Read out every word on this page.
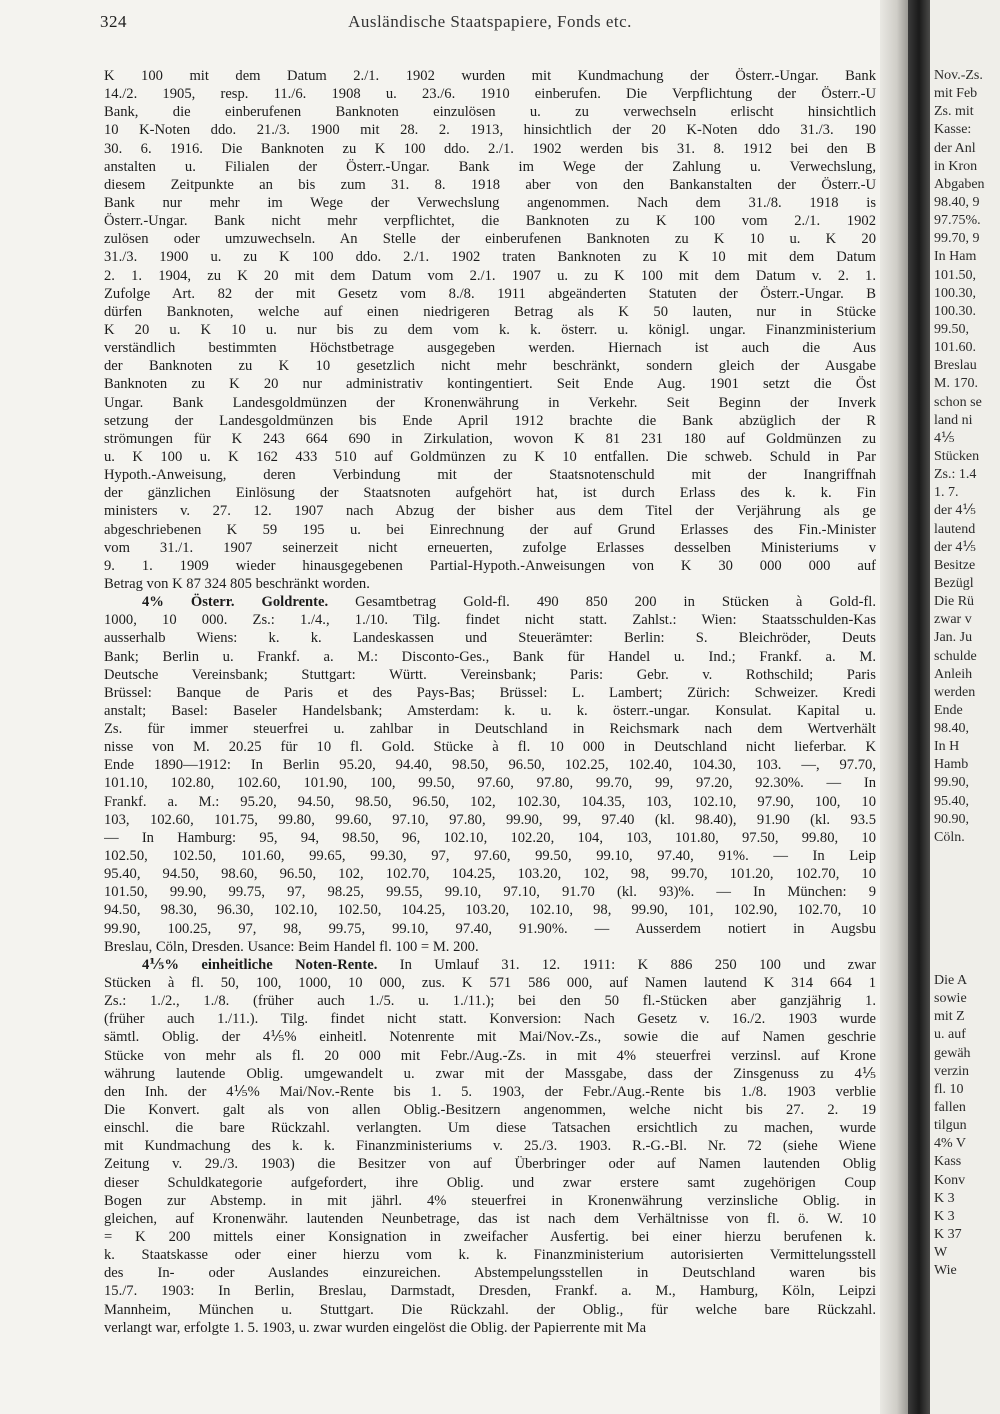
324	Ausländische Staatspapiere, Fonds etc.
K 100 mit dem Datum 2./1. 1902 wurden mit Kundmachung der Österr.-Ungar. Bank
14./2. 1905, resp. 11./6. 1908 u. 23./6. 1910 einberufen. Die Verpflichtung der Österr.-U
Bank, die einberufenen Banknoten einzulösen u. zu verwechseln erlischt hinsichtlich
10 K-Noten ddo. 21./3. 1900 mit 28. 2. 1913, hinsichtlich der 20 K-Noten ddo 31./3. 190
30. 6. 1916. Die Banknoten zu K 100 ddo. 2./1. 1902 werden bis 31. 8. 1912 bei den B
anstalten u. Filialen der Österr.-Ungar. Bank im Wege der Zahlung u. Verwechslung,
diesem Zeitpunkte an bis zum 31. 8. 1918 aber von den Bankanstalten der Österr.-U
Bank nur mehr im Wege der Verwechslung angenommen. Nach dem 31./8. 1918 is
Österr.-Ungar. Bank nicht mehr verpflichtet, die Banknoten zu K 100 vom 2./1. 1902
zulösen oder umzuwechseln. An Stelle der einberufenen Banknoten zu K 10 u. K 20
31./3. 1900 u. zu K 100 ddo. 2./1. 1902 traten Banknoten zu K 10 mit dem Datum
2. 1. 1904, zu K 20 mit dem Datum vom 2./1. 1907 u. zu K 100 mit dem Datum v. 2. 1.
Zufolge Art. 82 der mit Gesetz vom 8./8. 1911 abgeänderten Statuten der Österr.-Ungar. B
dürfen Banknoten, welche auf einen niedrigeren Betrag als K 50 lauten, nur in Stücke
K 20 u. K 10 u. nur bis zu dem vom k. k. österr. u. königl. ungar. Finanzministerium
verständlich bestimmten Höchstbetrage ausgegeben werden. Hiernach ist auch die Aus
der Banknoten zu K 10 gesetzlich nicht mehr beschränkt, sondern gleich der Ausgabe
Banknoten zu K 20 nur administrativ kontingentiert. Seit Ende Aug. 1901 setzt die Öst
Ungar. Bank Landesgoldmünzen der Kronenwährung in Verkehr. Seit Beginn der Inverk
setzung der Landesgoldmünzen bis Ende April 1912 brachte die Bank abzüglich der R
strömungen für K 243 664 690 in Zirkulation, wovon K 81 231 180 auf Goldmünzen zu
u. K 100 u. K 162 433 510 auf Goldmünzen zu K 10 entfallen. Die schweb. Schuld in Par
Hypoth.-Anweisung, deren Verbindung mit der Staatsnotenschuld mit der Inangriffnah
der gänzlichen Einlösung der Staatsnoten aufgehört hat, ist durch Erlass des k. k. Fin
ministers v. 27. 12. 1907 nach Abzug der bisher aus dem Titel der Verjährung als ge
abgeschriebenen K 59 195 u. bei Einrechnung der auf Grund Erlasses des Fin.-Minister
vom 31./1. 1907 seinerzeit nicht erneuerten, zufolge Erlasses desselben Ministeriums v
9. 1. 1909 wieder hinausgegebenen Partial-Hypoth.-Anweisungen von K 30 000 000 auf
Betrag von K 87 324 805 beschränkt worden.
4% Österr. Goldrente. Gesamtbetrag Gold-fl. 490 850 200 in Stücken à Gold-fl.
1000, 10 000. Zs.: 1./4., 1./10. Tilg. findet nicht statt. Zahlst.: Wien: Staatsschulden-Kas
ausserhalb Wiens: k. k. Landeskassen und Steuerämter: Berlin: S. Bleichröder, Deuts
Bank; Berlin u. Frankf. a. M.: Disconto-Ges., Bank für Handel u. Ind.; Frankf. a. M.
Deutsche Vereinsbank; Stuttgart: Württ. Vereinsbank; Paris: Gebr. v. Rothschild; Paris
Brüssel: Banque de Paris et des Pays-Bas; Brüssel: L. Lambert; Zürich: Schweizer. Kredi
anstalt; Basel: Baseler Handelsbank; Amsterdam: k. u. k. österr.-ungar. Konsulat. Kapital u.
Zs. für immer steuerfrei u. zahlbar in Deutschland in Reichsmark nach dem Wertverhält
nisse von M. 20.25 für 10 fl. Gold. Stücke à fl. 10 000 in Deutschland nicht lieferbar. K
Ende 1890—1912: In Berlin 95.20, 94.40, 98.50, 96.50, 102.25, 102.40, 104.30, 103. —, 97.70,
101.10, 102.80, 102.60, 101.90, 100, 99.50, 97.60, 97.80, 99.70, 99, 97.20, 92.30%. — In
Frankf. a. M.: 95.20, 94.50, 98.50, 96.50, 102, 102.30, 104.35, 103, 102.10, 97.90, 100, 10
103, 102.60, 101.75, 99.80, 99.60, 97.10, 97.80, 99.90, 99, 97.40 (kl. 98.40), 91.90 (kl. 93.5
— In Hamburg: 95, 94, 98.50, 96, 102.10, 102.20, 104, 103, 101.80, 97.50, 99.80, 10
102.50, 102.50, 101.60, 99.65, 99.30, 97, 97.60, 99.50, 99.10, 97.40, 91%. — In Leip
95.40, 94.50, 98.60, 96.50, 102, 102.70, 104.25, 103.20, 102, 98, 99.70, 101.20, 102.70, 10
101.50, 99.90, 99.75, 97, 98.25, 99.55, 99.10, 97.10, 91.70 (kl. 93)%. — In München: 9
94.50, 98.30, 96.30, 102.10, 102.50, 104.25, 103.20, 102.10, 98, 99.90, 101, 102.90, 102.70, 10
99.90, 100.25, 97, 98, 99.75, 99.10, 97.40, 91.90%. — Ausserdem notiert in Augsbu
Breslau, Cöln, Dresden. Usance: Beim Handel fl. 100 = M. 200.
4⅕% einheitliche Noten-Rente. In Umlauf 31. 12. 1911: K 886 250 100 und zwar
Stücken à fl. 50, 100, 1000, 10 000, zus. K 571 586 000, auf Namen lautend K 314 664 1
Zs.: 1./2., 1./8. (früher auch 1./5. u. 1./11.); bei den 50 fl.-Stücken aber ganzjährig 1.
(früher auch 1./11.). Tilg. findet nicht statt. Konversion: Nach Gesetz v. 16./2. 1903 wurde
sämtl. Oblig. der 4⅕% einheitl. Notenrente mit Mai/Nov.-Zs., sowie die auf Namen geschrie
Stücke von mehr als fl. 20 000 mit Febr./Aug.-Zs. in mit 4% steuerfrei verzinsl. auf Krone
währung lautende Oblig. umgewandelt u. zwar mit der Massgabe, dass der Zinsgenuss zu 4⅕
den Inh. der 4⅕% Mai/Nov.-Rente bis 1. 5. 1903, der Febr./Aug.-Rente bis 1./8. 1903 verblie
Die Konvert. galt als von allen Oblig.-Besitzern angenommen, welche nicht bis 27. 2. 19
einschl. die bare Rückzahl. verlangten. Um diese Tatsachen ersichtlich zu machen, wurde
mit Kundmachung des k. k. Finanzministeriums v. 25./3. 1903. R.-G.-Bl. Nr. 72 (siehe Wiene
Zeitung v. 29./3. 1903) die Besitzer von auf Überbringer oder auf Namen lautenden Oblig
dieser Schuldkategorie aufgefordert, ihre Oblig. und zwar erstere samt zugehörigen Coup
Bogen zur Abstemp. in mit jährl. 4% steuerfrei in Kronenwährung verzinsliche Oblig. in
gleichen, auf Kronenwähr. lautenden Neunbetrage, das ist nach dem Verhältnisse von fl. ö. W. 10
= K 200 mittels einer Konsignation in zweifacher Ausfertig. bei einer hierzu berufenen k.
k. Staatskasse oder einer hierzu vom k. k. Finanzministerium autorisierten Vermittelungsstell
des In- oder Auslandes einzureichen. Abstempelungsstellen in Deutschland waren bis
15./7. 1903: In Berlin, Breslau, Darmstadt, Dresden, Frankf. a. M., Hamburg, Köln, Leipzi
Mannheim, München u. Stuttgart. Die Rückzahl. der Oblig., für welche bare Rückzahl.
verlangt war, erfolgte 1. 5. 1903, u. zwar wurden eingelöst die Oblig. der Papierrente mit Ma
Nov.-Zs.
mit Feb
Zs. mit
Kasse:
der Anl
in Kron
Abgaben
98.40, 9
97.75%.
99.70, 9
In Ham
101.50,
100.30,
100.30.
99.50,
101.60.
Breslau
M. 170.
schon se
land ni
4⅕
Stücken
Zs.: 1.4
1. 7.
der 4⅕
lautend
der 4⅕
Besitze
Bezügl
Die Rü
zwar v
Jan. Ju
schulde
Anleih
werden
Ende
98.40,
In H
Hamb
99.90,
95.40,
90.90,
Cöln.
Die A
sowie
mit Z
u. auf
gewäh
verzin
fl. 10
fallen
tilgun
4% V
Kass
Konv
K 3
K 3
K 37
W
Wie
